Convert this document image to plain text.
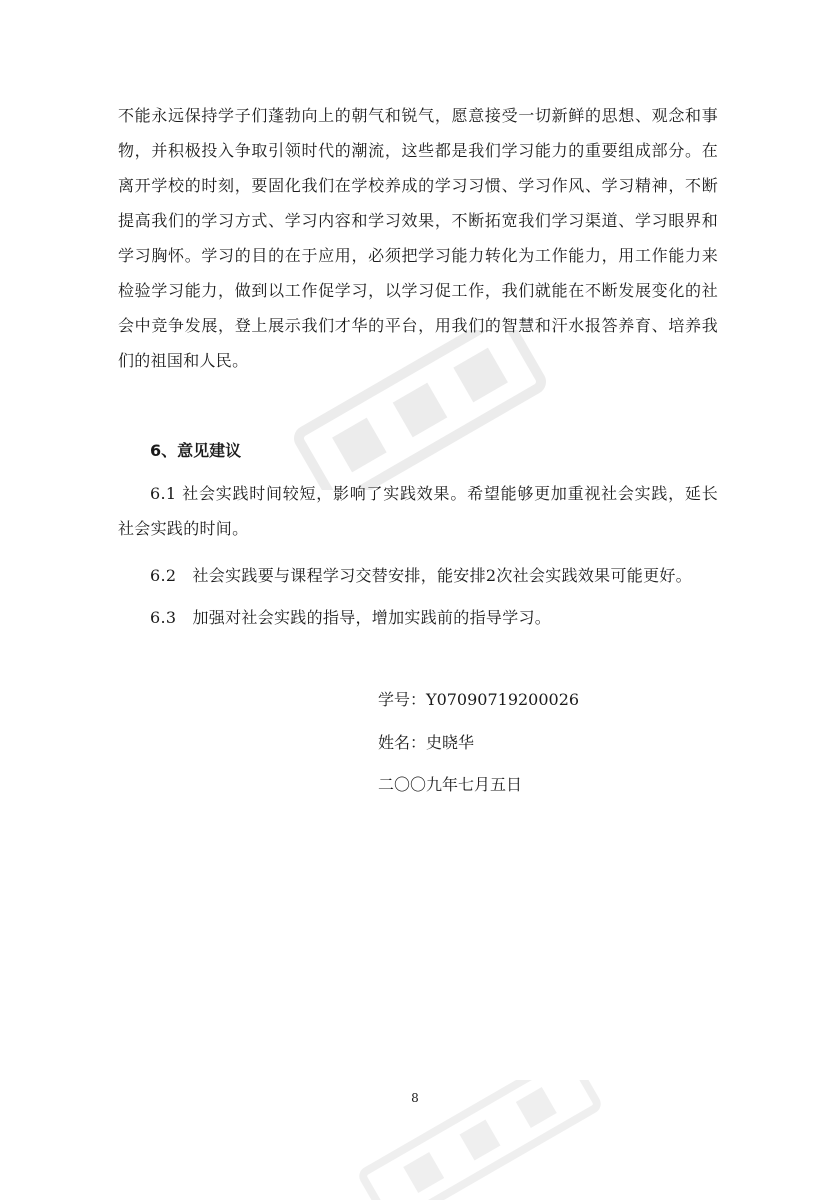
不能永远保持学子们蓬勃向上的朝气和锐气，愿意接受一切新鲜的思想、观念和事物，并积极投入争取引领时代的潮流，这些都是我们学习能力的重要组成部分。在离开学校的时刻，要固化我们在学校养成的学习习惯、学习作风、学习精神，不断提高我们的学习方式、学习内容和学习效果，不断拓宽我们学习渠道、学习眼界和学习胸怀。学习的目的在于应用，必须把学习能力转化为工作能力，用工作能力来检验学习能力，做到以工作促学习，以学习促工作，我们就能在不断发展变化的社会中竞争发展，登上展示我们才华的平台，用我们的智慧和汗水报答养育、培养我们的祖国和人民。

6、意见建议

6.1 社会实践时间较短，影响了实践效果。希望能够更加重视社会实践，延长社会实践的时间。

6.2   社会实践要与课程学习交替安排，能安排2次社会实践效果可能更好。

6.3   加强对社会实践的指导，增加实践前的指导学习。

学号：Y07090719200026
姓名：史晓华
二〇〇九年七月五日
8
